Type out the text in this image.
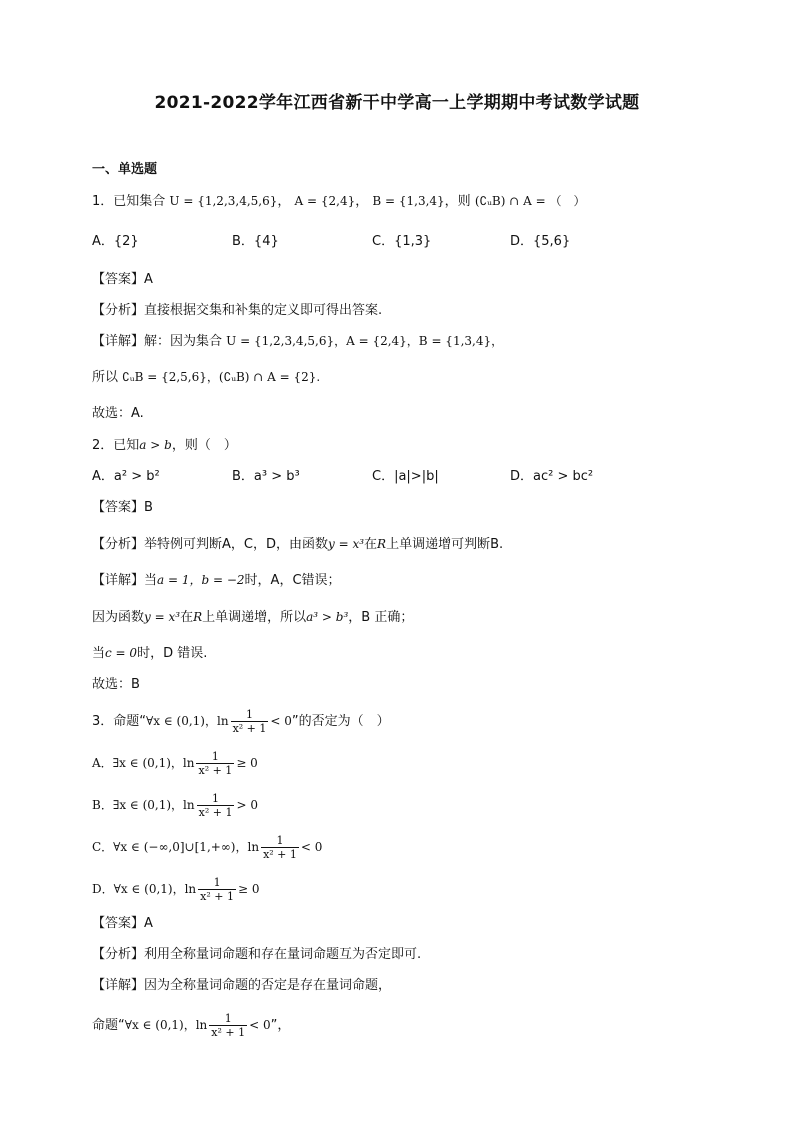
2021-2022学年江西省新干中学高一上学期期中考试数学试题
一、单选题
1．已知集合 U = {1,2,3,4,5,6}， A = {2,4}， B = {1,3,4}，则 (∁ᵤB) ∩ A = （　）
A．{2}	B．{4}	C．{1,3}	D．{5,6}
【答案】A
【分析】直接根据交集和补集的定义即可得出答案.
【详解】解：因为集合 U = {1,2,3,4,5,6}，A = {2,4}，B = {1,3,4}，
所以 ∁ᵤB = {2,5,6}，(∁ᵤB) ∩ A = {2}.
故选：A.
2．已知a > b，则（　）
A．a² > b²	B．a³ > b³	C．|a|>|b|	D．ac² > bc²
【答案】B
【分析】举特例可判断A，C，D，由函数y = x³在R上单调递增可判断B.
【详解】当a = 1，b = −2时，A，C错误；
因为函数y = x³在R上单调递增，所以a³ > b³，B 正确；
当c = 0时，D 错误.
故选：B
3．命题“∀x ∈ (0,1)，$\ln \frac{1}{\text{x² + 1}} < 0$”的否定为（　）
A．∃x ∈ (0,1)，$\ln \frac{1}{\text{x² + 1}} \ge 0$
B．∃x ∈ (0,1)，$\ln \frac{1}{\text{x² + 1}} > 0$
C．∀x ∈ (−∞,0]∪[1,+∞)，$\ln \frac{1}{\text{x² + 1}} < 0$
D．∀x ∈ (0,1)，$\ln \frac{1}{\text{x² + 1}} \ge 0$
【答案】A
【分析】利用全称量词命题和存在量词命题互为否定即可.
【详解】因为全称量词命题的否定是存在量词命题，
命题“∀x ∈ (0,1)，$\ln \frac{1}{\text{x² + 1}} < 0$”，
